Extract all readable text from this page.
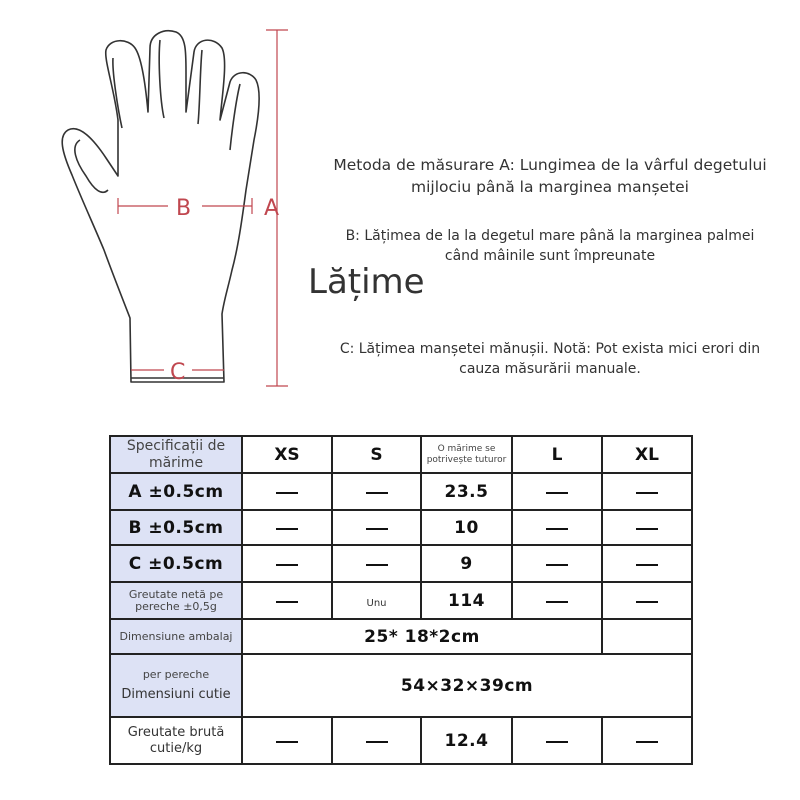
A
B
C
Metoda de măsurare A: Lungimea de la vârful degetului mijlociu până la marginea manșetei
B: Lățimea de la la degetul mare până la marginea palmei când mâinile sunt împreunate
Lățime
C: Lățimea manșetei mănușii. Notă: Pot exista mici erori din cauza măsurării manuale.
Specificații de mărime	XS	S	O mărime se potrivește tuturor	L	XL
A ±0.5cm			23.5		
B ±0.5cm			10		
C ±0.5cm			9		

Greutate netă pe pereche ±0,5g		Unu	114		

Dimensiune ambalaj	25* 18*2cm				

per pereche
Dimensiuni cutie	54×32×39cm				

Greutate brută cutie/kg			12.4		
